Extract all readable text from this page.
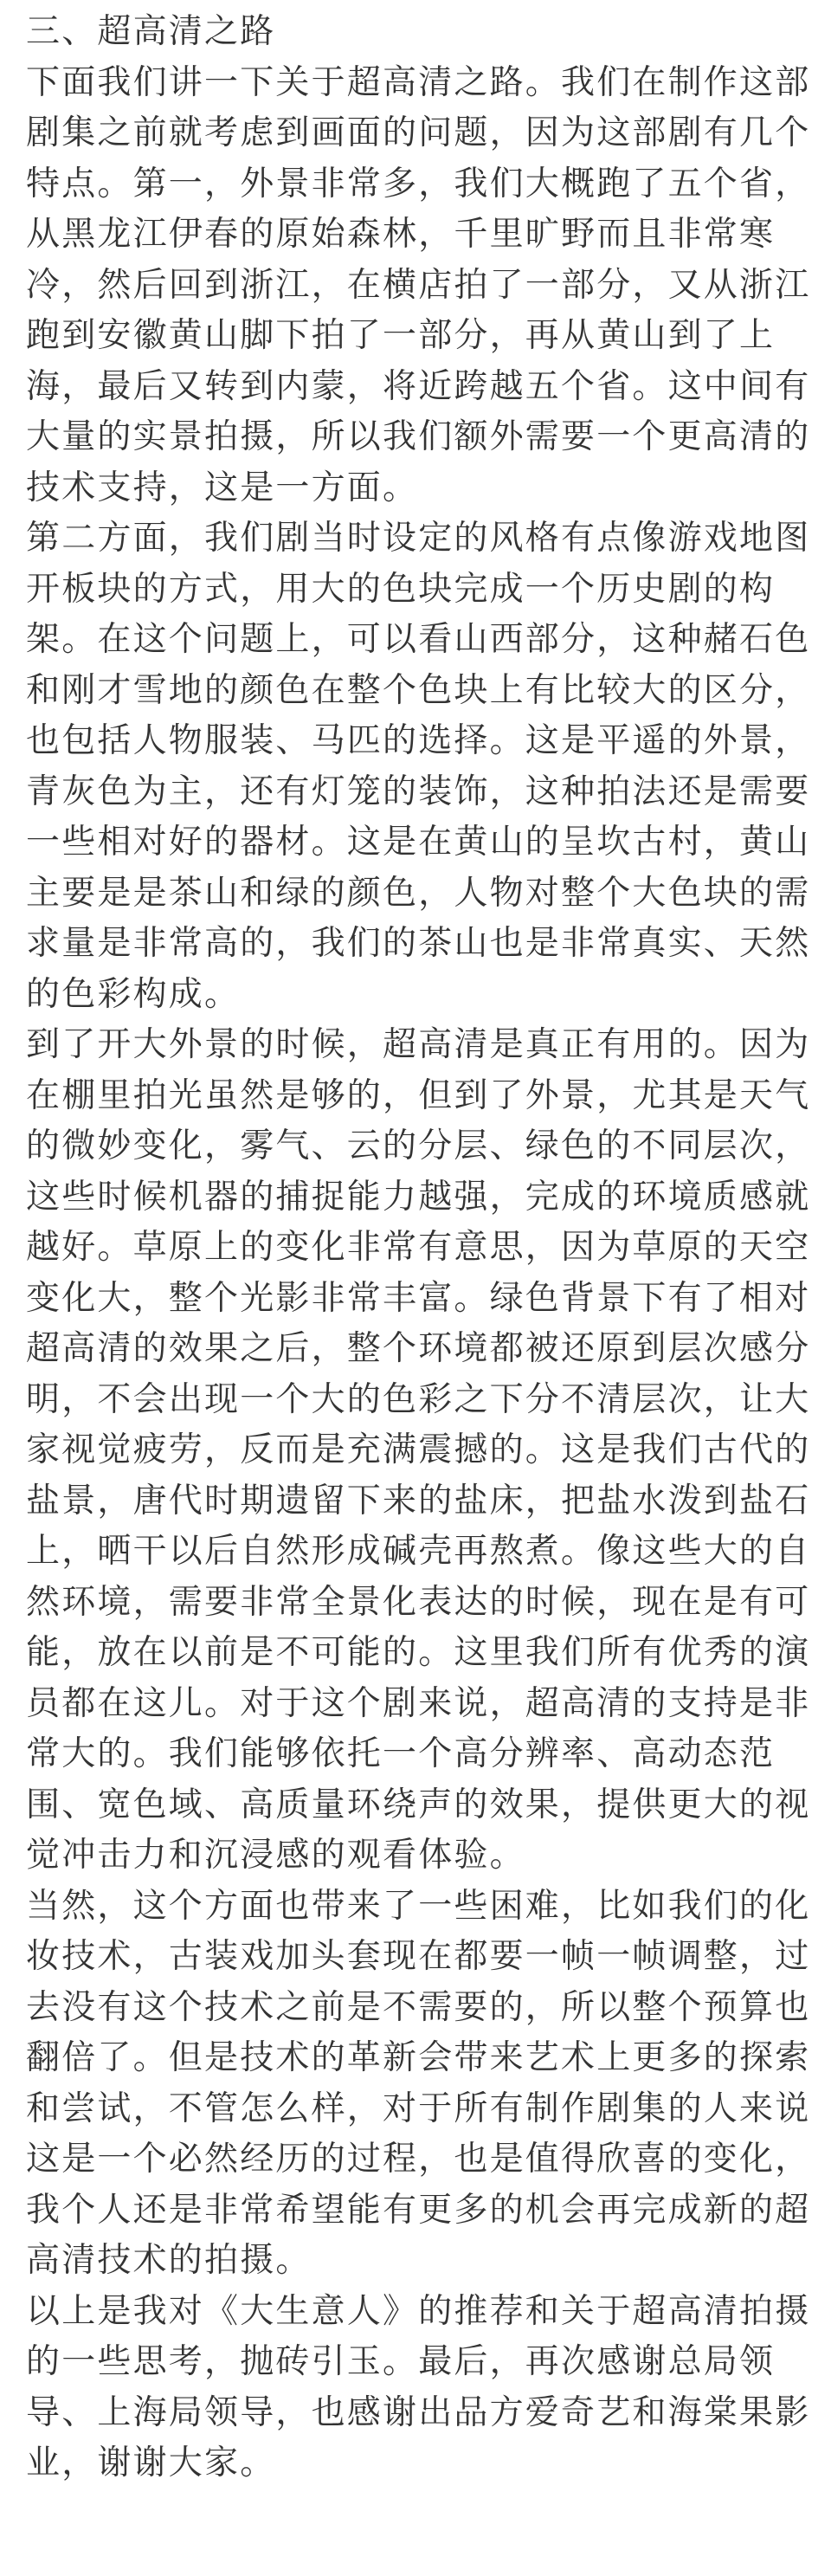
三、超高清之路
下面我们讲一下关于超高清之路。我们在制作这部
剧集之前就考虑到画面的问题，因为这部剧有几个
特点。第一，外景非常多，我们大概跑了五个省，
从黑龙江伊春的原始森林，千里旷野而且非常寒
冷，然后回到浙江，在横店拍了一部分，又从浙江
跑到安徽黄山脚下拍了一部分，再从黄山到了上
海，最后又转到内蒙，将近跨越五个省。这中间有
大量的实景拍摄，所以我们额外需要一个更高清的
技术支持，这是一方面。
第二方面，我们剧当时设定的风格有点像游戏地图
开板块的方式，用大的色块完成一个历史剧的构
架。在这个问题上，可以看山西部分，这种赭石色
和刚才雪地的颜色在整个色块上有比较大的区分，
也包括人物服装、马匹的选择。这是平遥的外景，
青灰色为主，还有灯笼的装饰，这种拍法还是需要
一些相对好的器材。这是在黄山的呈坎古村，黄山
主要是是茶山和绿的颜色，人物对整个大色块的需
求量是非常高的，我们的茶山也是非常真实、天然
的色彩构成。
到了开大外景的时候，超高清是真正有用的。因为
在棚里拍光虽然是够的，但到了外景，尤其是天气
的微妙变化，雾气、云的分层、绿色的不同层次，
这些时候机器的捕捉能力越强，完成的环境质感就
越好。草原上的变化非常有意思，因为草原的天空
变化大，整个光影非常丰富。绿色背景下有了相对
超高清的效果之后，整个环境都被还原到层次感分
明，不会出现一个大的色彩之下分不清层次，让大
家视觉疲劳，反而是充满震撼的。这是我们古代的
盐景，唐代时期遗留下来的盐床，把盐水泼到盐石
上，晒干以后自然形成碱壳再熬煮。像这些大的自
然环境，需要非常全景化表达的时候，现在是有可
能，放在以前是不可能的。这里我们所有优秀的演
员都在这儿。对于这个剧来说，超高清的支持是非
常大的。我们能够依托一个高分辨率、高动态范
围、宽色域、高质量环绕声的效果，提供更大的视
觉冲击力和沉浸感的观看体验。
当然，这个方面也带来了一些困难，比如我们的化
妆技术，古装戏加头套现在都要一帧一帧调整，过
去没有这个技术之前是不需要的，所以整个预算也
翻倍了。但是技术的革新会带来艺术上更多的探索
和尝试，不管怎么样，对于所有制作剧集的人来说
这是一个必然经历的过程，也是值得欣喜的变化，
我个人还是非常希望能有更多的机会再完成新的超
高清技术的拍摄。
以上是我对《大生意人》的推荐和关于超高清拍摄
的一些思考，抛砖引玉。最后，再次感谢总局领
导、上海局领导，也感谢出品方爱奇艺和海棠果影
业，谢谢大家。
